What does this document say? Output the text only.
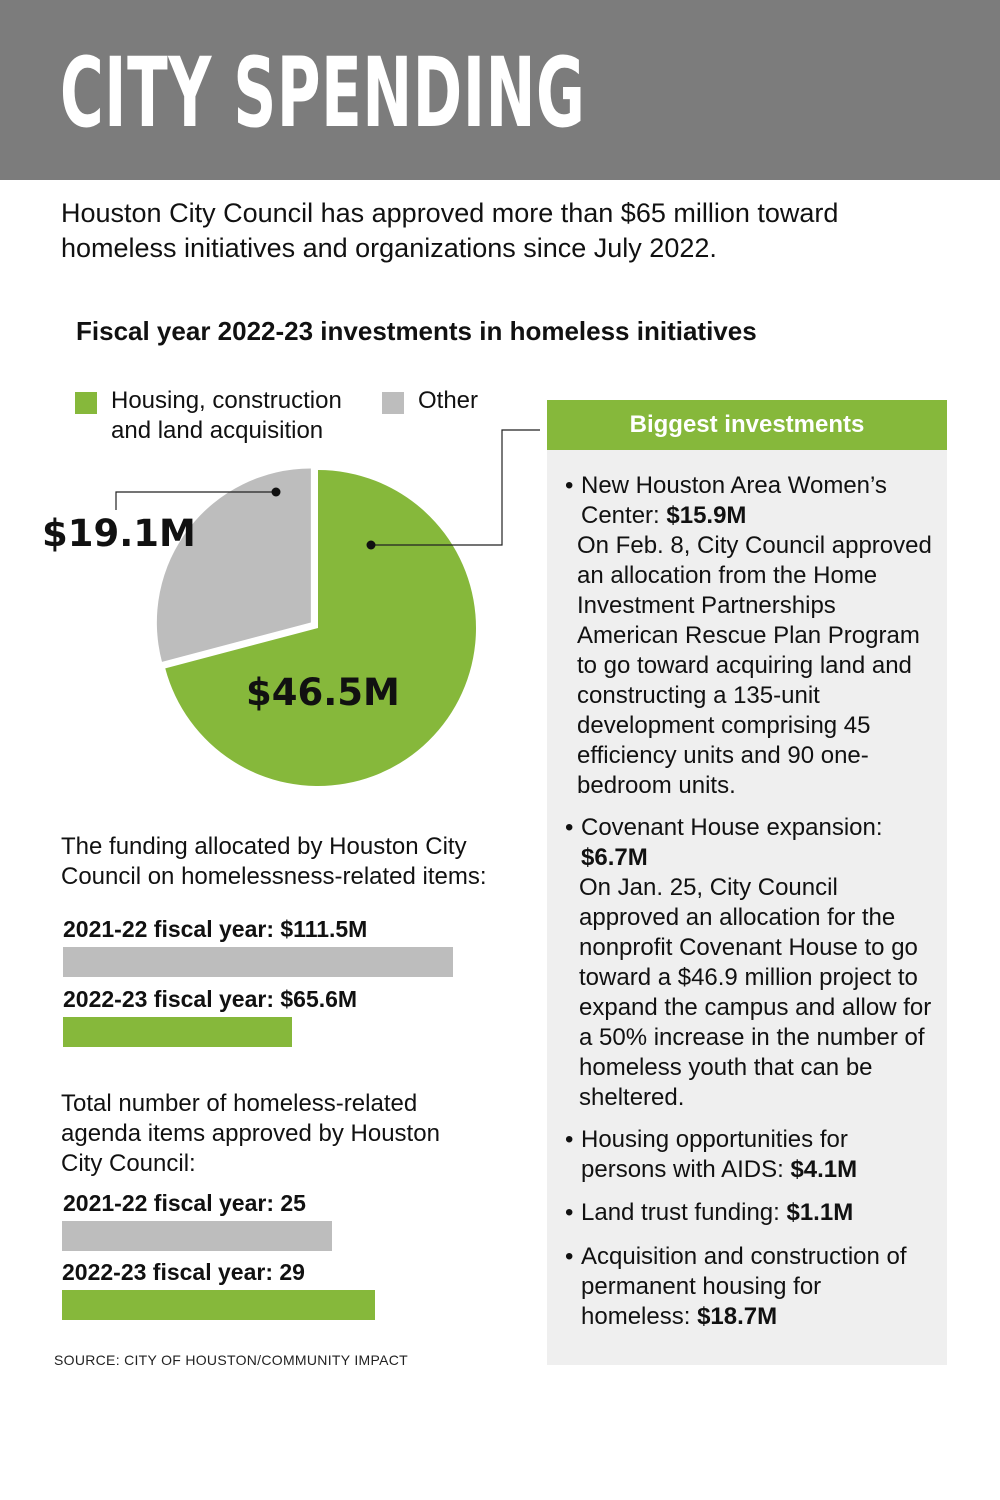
CITY SPENDING
Houston City Council has approved more than $65 million toward homeless initiatives and organizations since July 2022.
Fiscal year 2022-23 investments in homeless initiatives
Housing, construction and land acquisition
Other
$19.1M
$46.5M
The funding allocated by Houston City Council on homelessness-related items:
2021-22 fiscal year: $111.5M
2022-23 fiscal year: $65.6M
Total number of homeless-related agenda items approved by Houston City Council:
2021-22 fiscal year: 25
2022-23 fiscal year: 29
SOURCE: CITY OF HOUSTON/COMMUNITY IMPACT
Biggest investments
• New Houston Area Women’s Center: $15.9M
On Feb. 8, City Council approved an allocation from the Home Investment Partnerships American Rescue Plan Program to go toward acquiring land and constructing a 135-unit development comprising 45 efficiency units and 90 one-bedroom units.
• Covenant House expansion:
$6.7M
On Jan. 25, City Council approved an allocation for the nonprofit Covenant House to go toward a $46.9 million project to expand the campus and allow for a 50% increase in the number of homeless youth that can be sheltered.
• Housing opportunities for persons with AIDS: $4.1M
• Land trust funding: $1.1M
• Acquisition and construction of permanent housing for homeless: $18.7M
